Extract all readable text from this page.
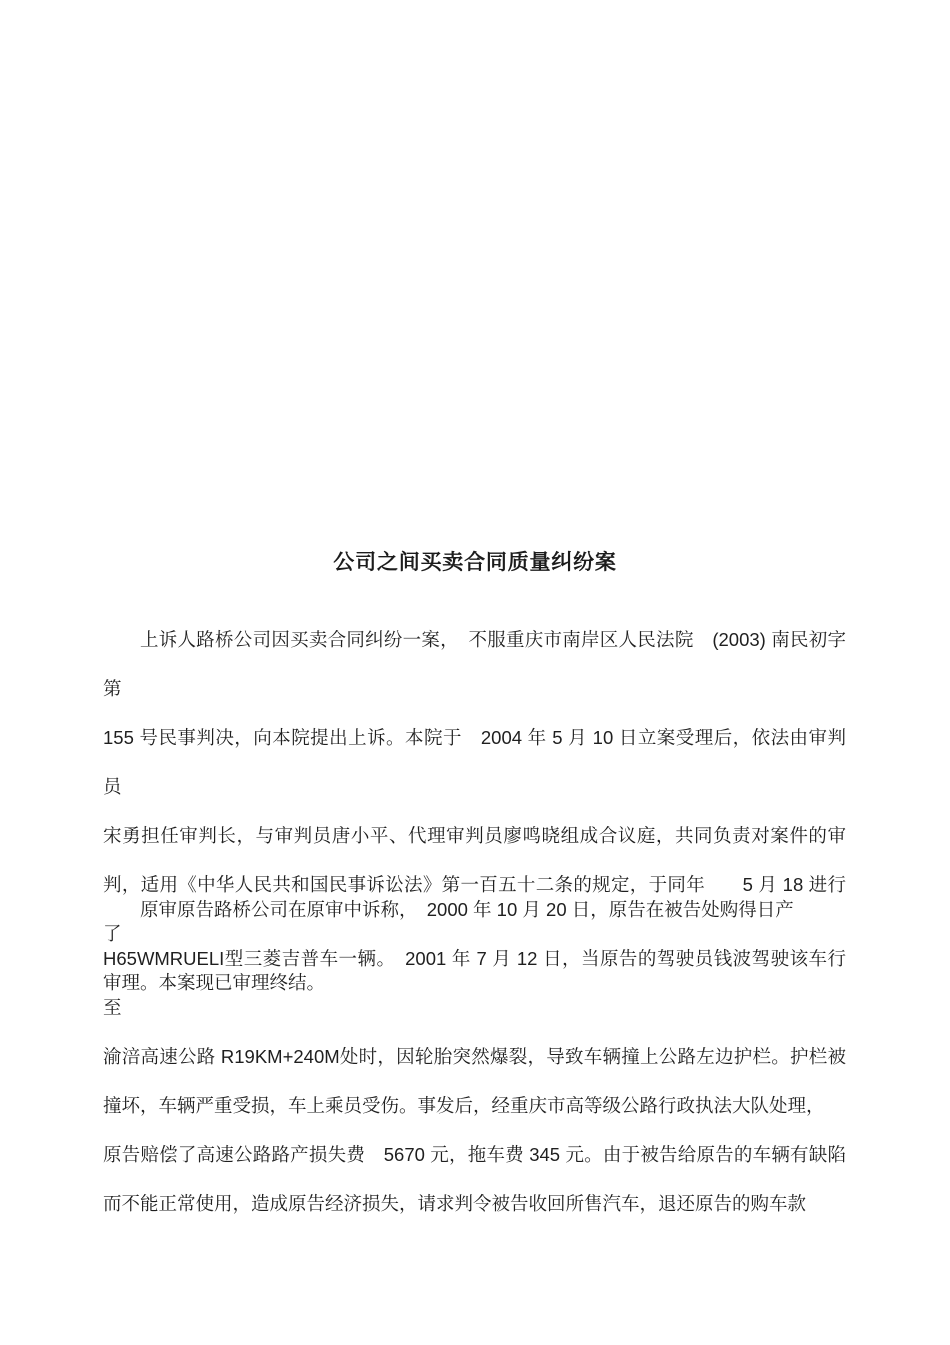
公司之间买卖合同质量纠纷案
上诉人路桥公司因买卖合同纠纷一案，　不服重庆市南岸区人民法院　(2003) 南民初字第
155 号民事判决，向本院提出上诉。本院于　2004 年 5 月 10 日立案受理后，依法由审判员
宋勇担任审判长，与审判员唐小平、代理审判员廖鸣晓组成合议庭，共同负责对案件的审
判，适用《中华人民共和国民事诉讼法》第一百五十二条的规定，于同年　　5 月 18 进行了
审理。本案现已审理终结。
原审原告路桥公司在原审中诉称，　2000 年 10 月 20 日，原告在被告处购得日产
H65WMRUELI型三菱吉普车一辆。　2001 年 7 月 12 日，当原告的驾驶员钱波驾驶该车行至
渝涪高速公路 R19KM+240M处时，因轮胎突然爆裂，导致车辆撞上公路左边护栏。护栏被
撞坏，车辆严重受损，车上乘员受伤。事发后，经重庆市高等级公路行政执法大队处理，
原告赔偿了高速公路路产损失费　5670 元，拖车费 345 元。由于被告给原告的车辆有缺陷
而不能正常使用，造成原告经济损失，请求判令被告收回所售汽车，退还原告的购车款
